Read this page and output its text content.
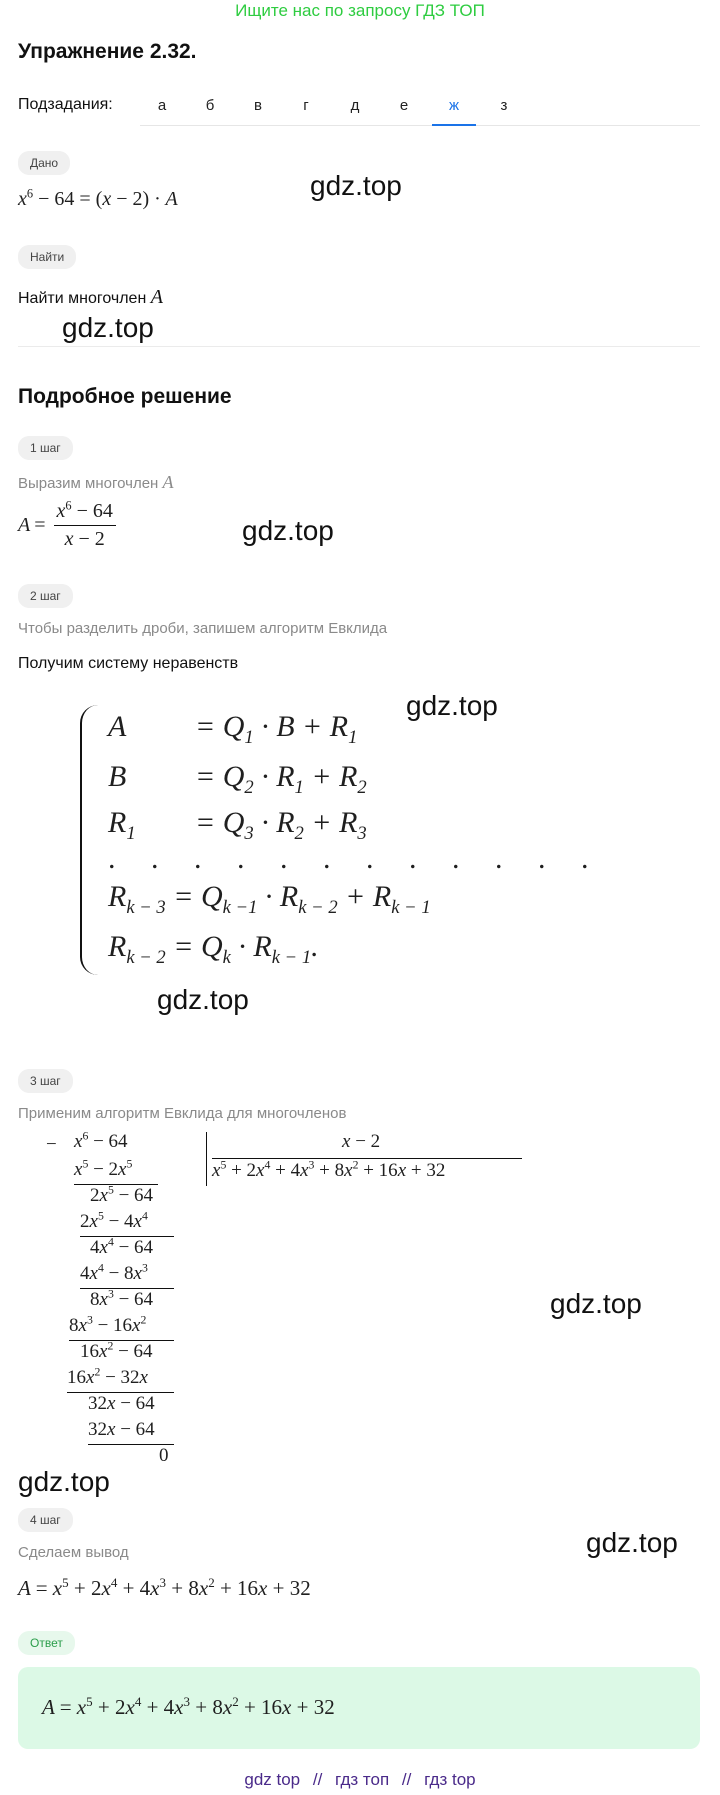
Ищите нас по запросу ГДЗ ТОП
Упражнение 2.32.
Подзадания:	а	б	в	г	д	е	ж	з
Дано
$x^6 - 64 = (x - 2) \cdot A$	gdz.top
Найти
Найти многочлен A
gdz.top
Подробное решение
1 шаг
Выразим многочлен A
$A = \frac{x^6 - 64}{x - 2}$	gdz.top
2 шаг
Чтобы разделить дроби, запишем алгоритм Евклида
Получим систему неравенств
gdz.top
$A = Q_1 \cdot B + R_1$
$B = Q_2 \cdot R_1 + R_2$
$R_1 = Q_3 \cdot R_2 + R_3$
. . . . . . . . . . . .
$R_{k - 3} = Q_{k -1} \cdot R_{k - 2} + R_{k - 1}$
$R_{k - 2} = Q_k \cdot R_{k - 1}$.
gdz.top
3 шаг
Применим алгоритм Евклида для многочленов
− $x^6 - 64$
$x^5 - 2x^5$
$2x^5 - 64$
$2x^5 - 4x^4$
$4x^4 - 64$
$4x^4 - 8x^3$
$8x^3 - 64$
$8x^3 - 16x^2$
$16x^2 - 64$
$16x^2 - 32x$
32x − 64
32x − 64
0
x − 2
$x^5 + 2x^4 + 4x^3 + 8x^2 + 16x + 32$
gdz.top
gdz.top
4 шаг
Сделаем вывод	gdz.top
$A = x^5 + 2x^4 + 4x^3 + 8x^2 + 16x + 32$
Ответ
$A = x^5 + 2x^4 + 4x^3 + 8x^2 + 16x + 32$
gdz top // гдз топ // гдз top
